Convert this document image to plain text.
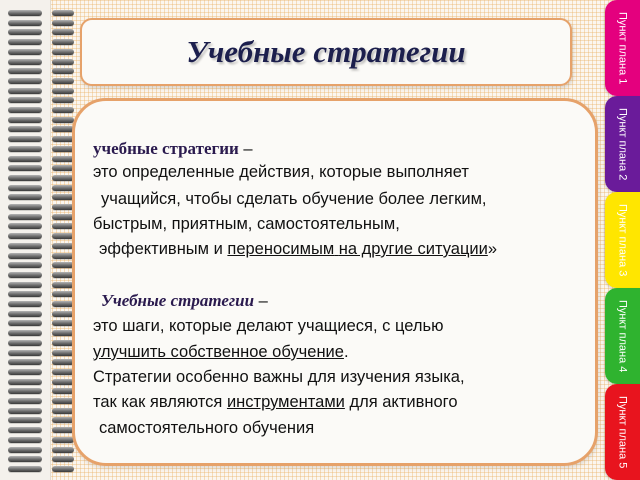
Учебные стратегии
учебные стратегии –
это определенные действия, которые выполняет
учащийся, чтобы сделать обучение более легким,
быстрым, приятным, самостоятельным,
эффективным и переносимым на другие ситуации»
Учебные стратегии –
это шаги, которые делают учащиеся, с целью
улучшить собственное обучение.
Стратегии особенно важны для изучения языка,
так как являются инструментами для активного
самостоятельного обучения
Пункт плана 1
Пункт плана 2
Пункт плана 3
Пункт плана 4
Пункт плана 5
